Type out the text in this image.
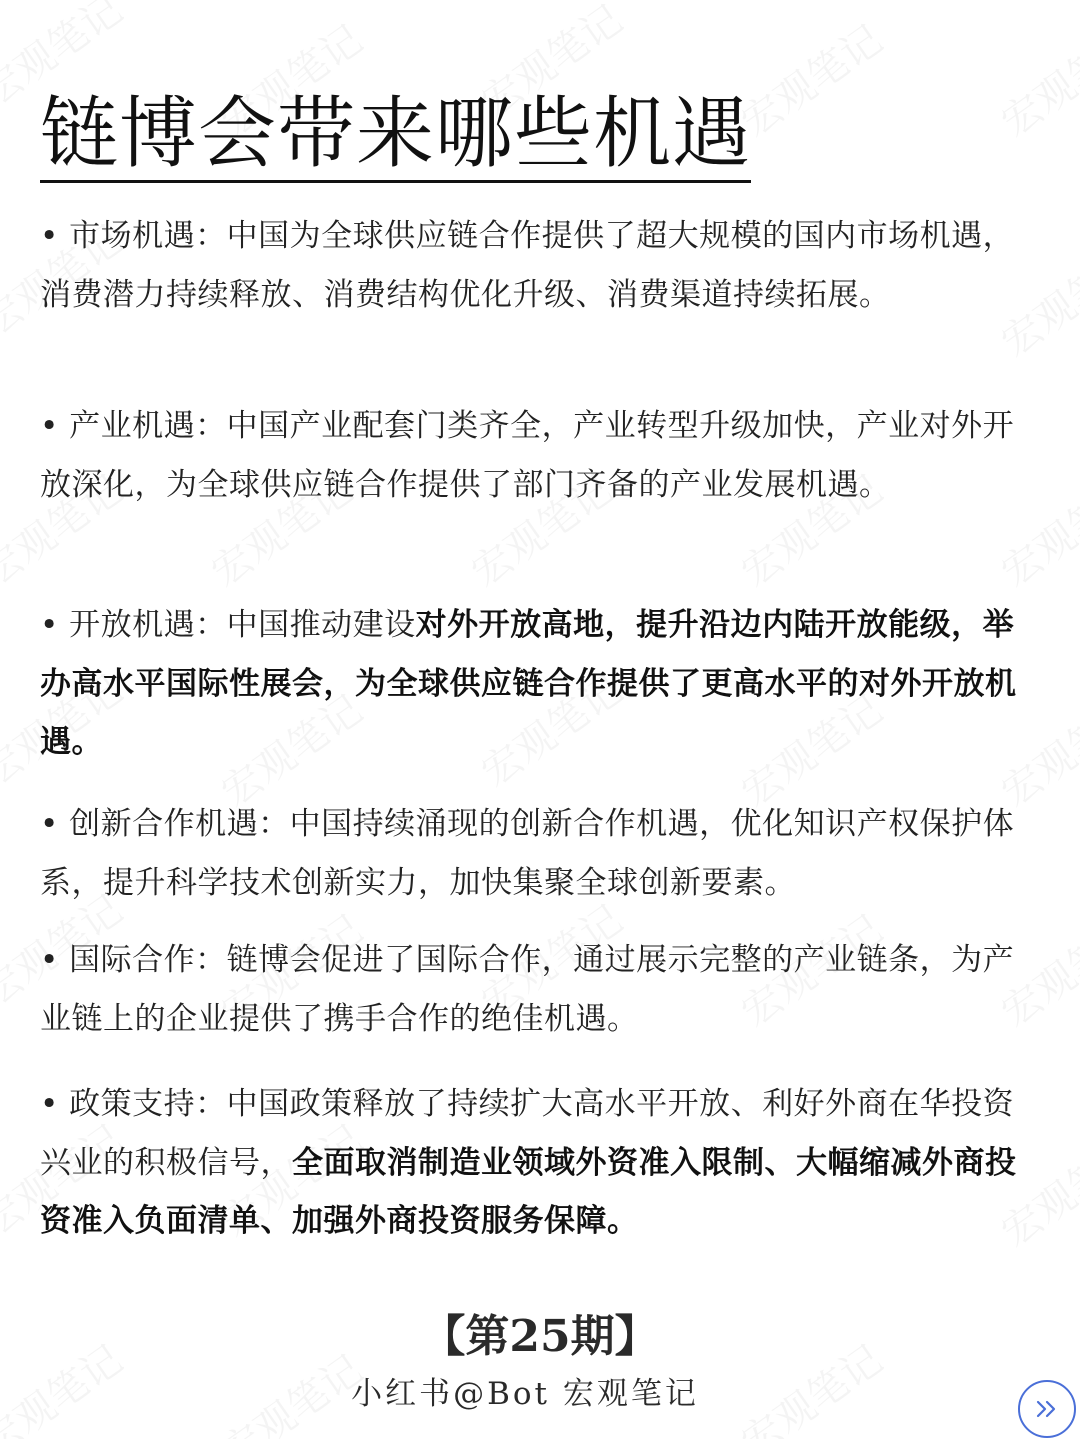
链博会带来哪些机遇

• 市场机遇：中国为全球供应链合作提供了超大规模的国内市场机遇，消费潜力持续释放、消费结构优化升级、消费渠道持续拓展。

• 产业机遇：中国产业配套门类齐全，产业转型升级加快，产业对外开放深化，为全球供应链合作提供了部门齐备的产业发展机遇。

• 开放机遇：中国推动建设对外开放高地，提升沿边内陆开放能级，举办高水平国际性展会，为全球供应链合作提供了更高水平的对外开放机遇。

• 创新合作机遇：中国持续涌现的创新合作机遇，优化知识产权保护体系，提升科学技术创新实力，加快集聚全球创新要素。

• 国际合作：链博会促进了国际合作，通过展示完整的产业链条，为产业链上的企业提供了携手合作的绝佳机遇。

• 政策支持：中国政策释放了持续扩大高水平开放、利好外商在华投资兴业的积极信号，全面取消制造业领域外资准入限制、大幅缩减外商投资准入负面清单、加强外商投资服务保障。

【第25期】
小红书@Bot 宏观笔记
